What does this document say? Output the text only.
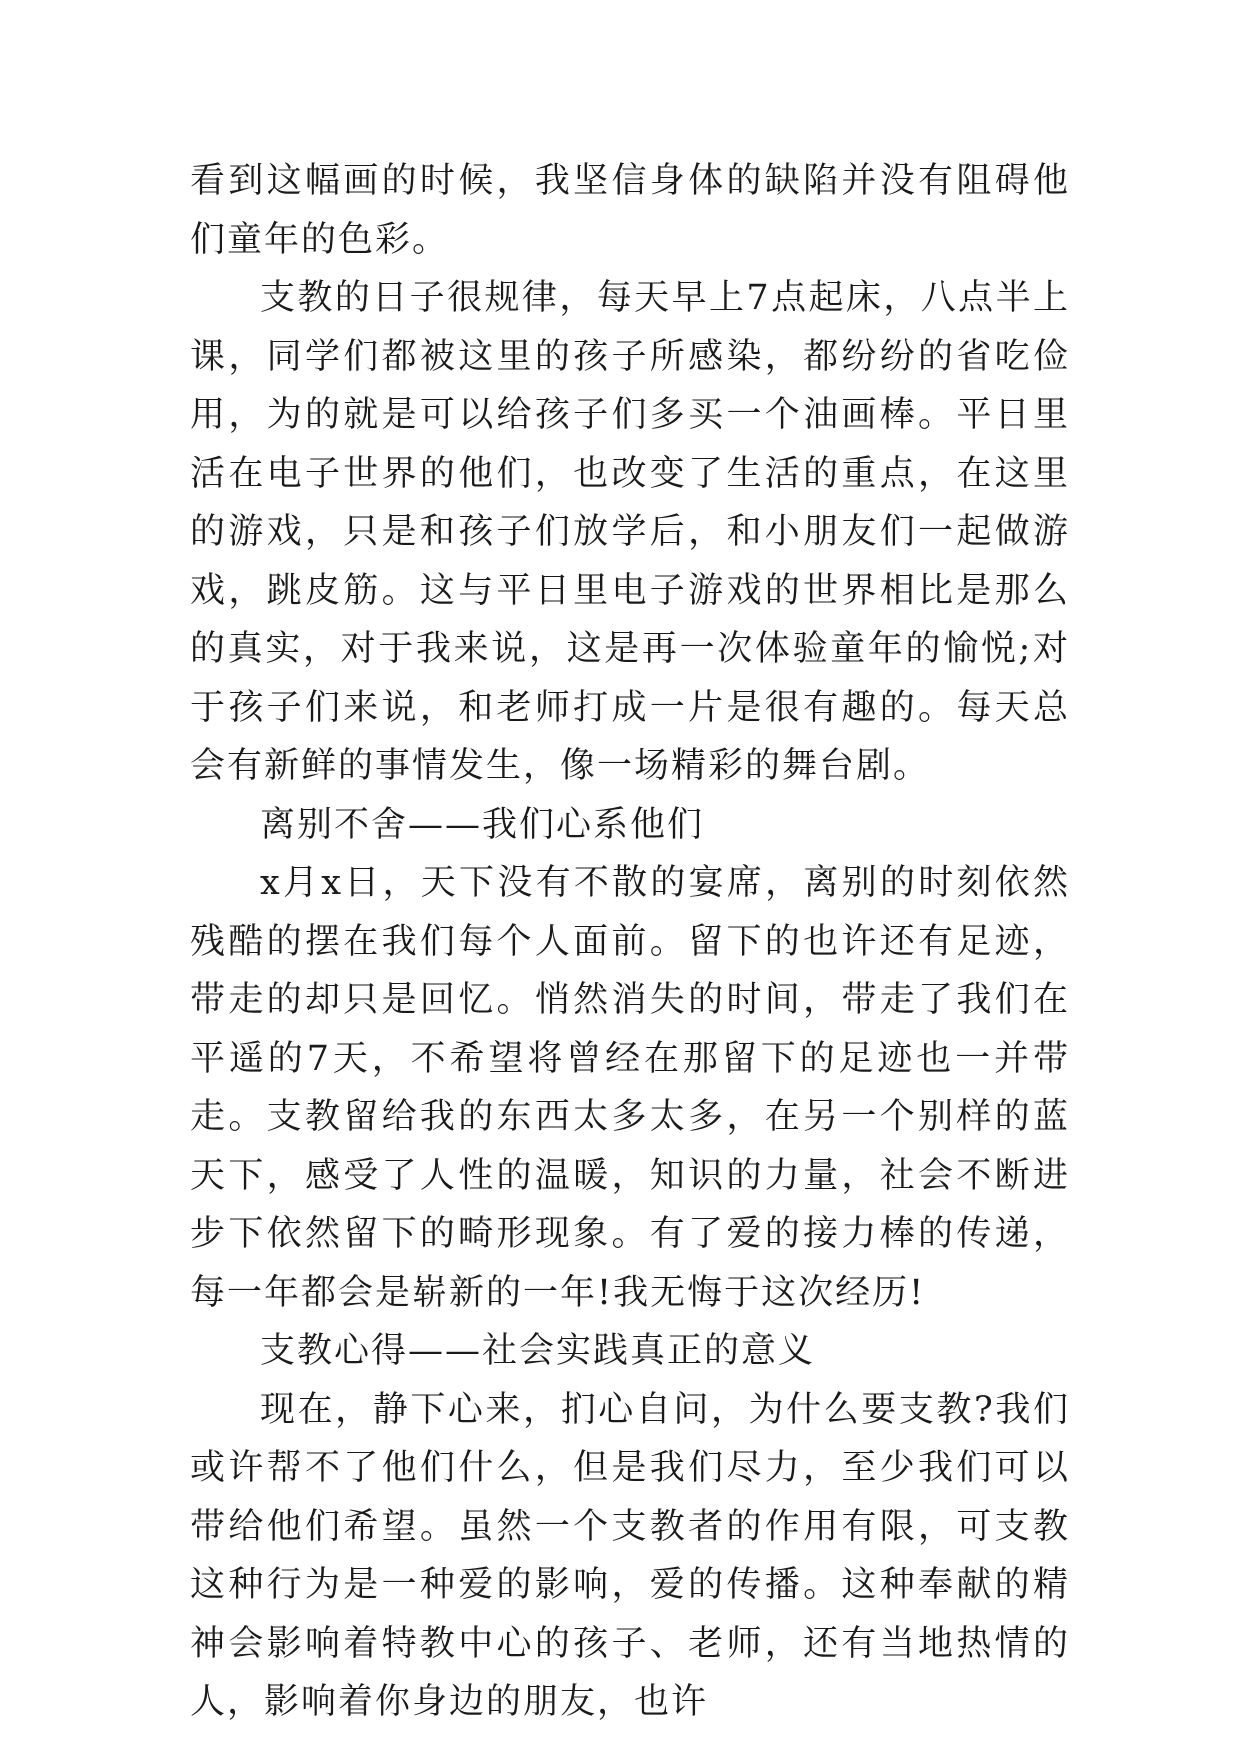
看到这幅画的时候，我坚信身体的缺陷并没有阻碍他们童年的色彩。

支教的日子很规律，每天早上7点起床，八点半上课，同学们都被这里的孩子所感染，都纷纷的省吃俭用，为的就是可以给孩子们多买一个油画棒。平日里活在电子世界的他们，也改变了生活的重点，在这里的游戏，只是和孩子们放学后，和小朋友们一起做游戏，跳皮筋。这与平日里电子游戏的世界相比是那么的真实，对于我来说，这是再一次体验童年的愉悦;对于孩子们来说，和老师打成一片是很有趣的。每天总会有新鲜的事情发生，像一场精彩的舞台剧。

离别不舍——我们心系他们

x月x日，天下没有不散的宴席，离别的时刻依然残酷的摆在我们每个人面前。留下的也许还有足迹，带走的却只是回忆。悄然消失的时间，带走了我们在平遥的7天，不希望将曾经在那留下的足迹也一并带走。支教留给我的东西太多太多，在另一个别样的蓝天下，感受了人性的温暖，知识的力量，社会不断进步下依然留下的畸形现象。有了爱的接力棒的传递，每一年都会是崭新的一年!我无悔于这次经历!

支教心得——社会实践真正的意义

现在，静下心来，扪心自问，为什么要支教?我们或许帮不了他们什么，但是我们尽力，至少我们可以带给他们希望。虽然一个支教者的作用有限，可支教这种行为是一种爱的影响，爱的传播。这种奉献的精神会影响着特教中心的孩子、老师，还有当地热情的人，影响着你身边的朋友，也许
